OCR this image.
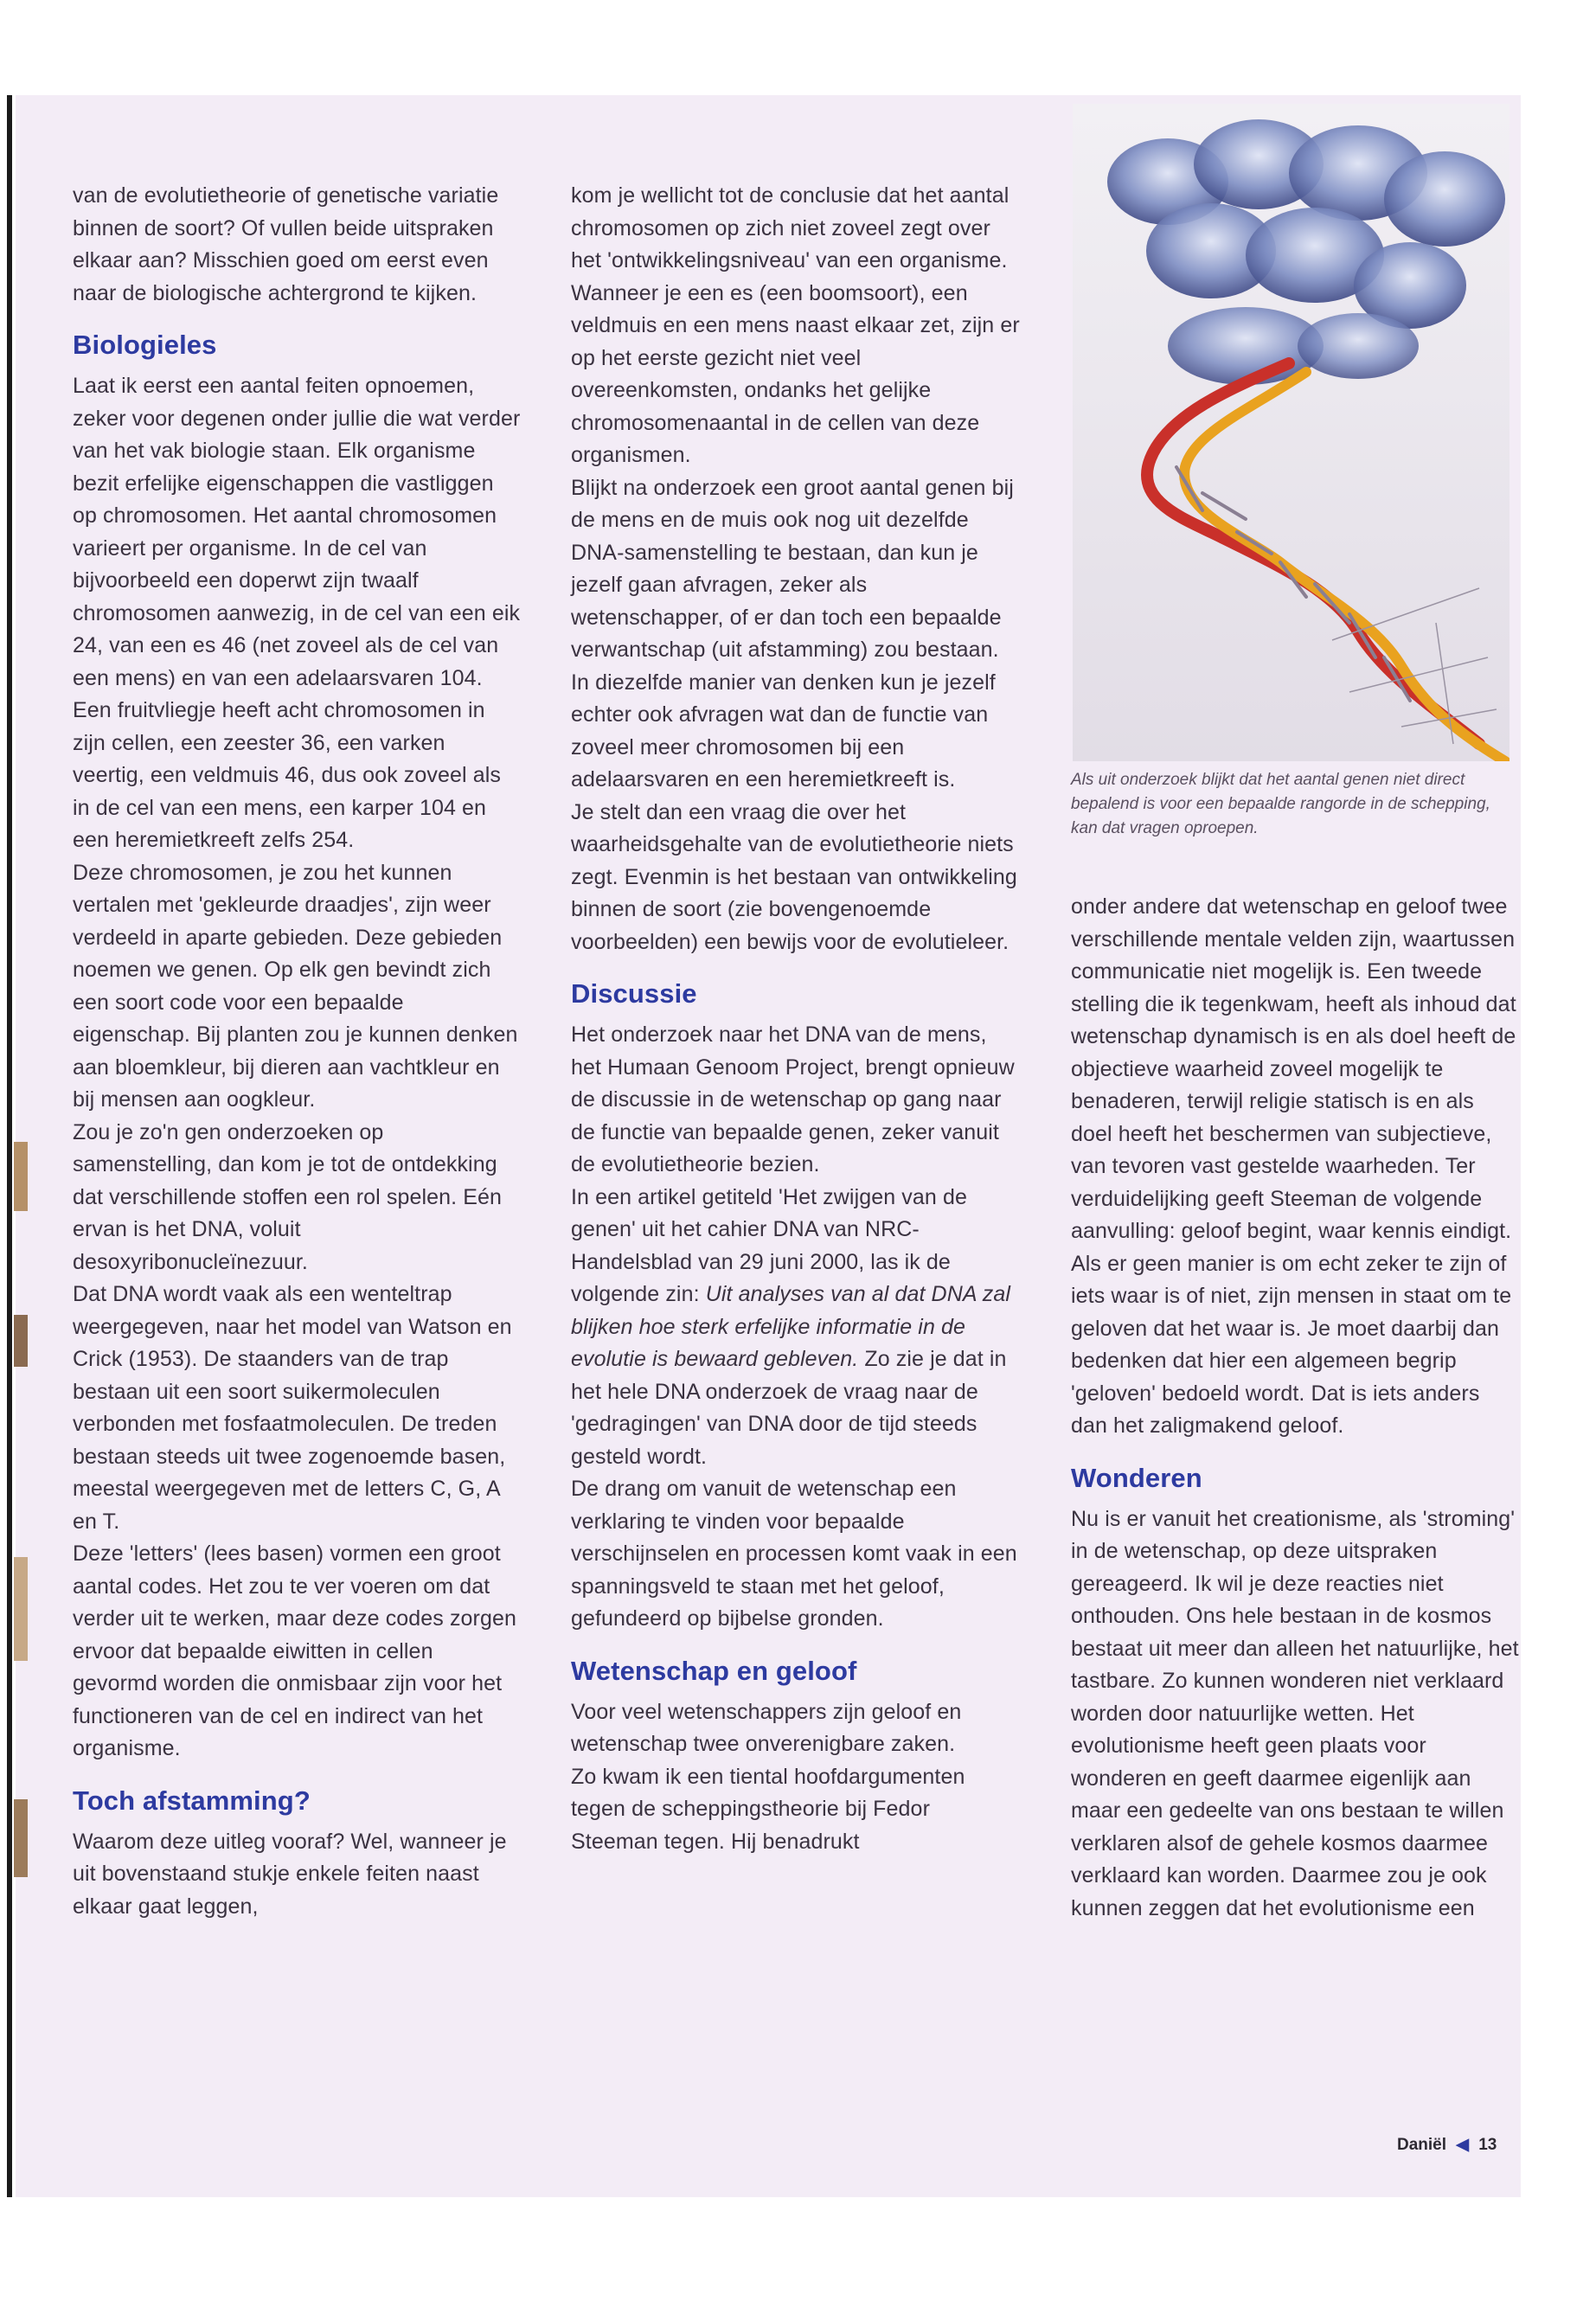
van de evolutietheorie of genetische variatie binnen de soort? Of vullen beide uitspraken elkaar aan? Misschien goed om eerst even naar de biologische achtergrond te kijken.

Biologieles

Laat ik eerst een aantal feiten opnoemen, zeker voor degenen onder jullie die wat verder van het vak biologie staan. Elk organisme bezit erfelijke eigenschappen die vastliggen op chromosomen. Het aantal chromosomen varieert per organisme. In de cel van bijvoorbeeld een doperwt zijn twaalf chromosomen aanwezig, in de cel van een eik 24, van een es 46 (net zoveel als de cel van een mens) en van een adelaarsvaren 104. Een fruitvliegje heeft acht chromosomen in zijn cellen, een zeester 36, een varken veertig, een veldmuis 46, dus ook zoveel als in de cel van een mens, een karper 104 en een heremietkreeft zelfs 254.

Deze chromosomen, je zou het kunnen vertalen met 'gekleurde draadjes', zijn weer verdeeld in aparte gebieden. Deze gebieden noemen we genen. Op elk gen bevindt zich een soort code voor een bepaalde eigenschap. Bij planten zou je kunnen denken aan bloemkleur, bij dieren aan vachtkleur en bij mensen aan oogkleur.

Zou je zo'n gen onderzoeken op samenstelling, dan kom je tot de ontdekking dat verschillende stoffen een rol spelen. Eén ervan is het DNA, voluit desoxyribonucleïnezuur.

Dat DNA wordt vaak als een wenteltrap weergegeven, naar het model van Watson en Crick (1953). De staanders van de trap bestaan uit een soort suikermoleculen verbonden met fosfaatmoleculen. De treden bestaan steeds uit twee zogenoemde basen, meestal weergegeven met de letters C, G, A en T.

Deze 'letters' (lees basen) vormen een groot aantal codes. Het zou te ver voeren om dat verder uit te werken, maar deze codes zorgen ervoor dat bepaalde eiwitten in cellen gevormd worden die onmisbaar zijn voor het functioneren van de cel en indirect van het organisme.

Toch afstamming?

Waarom deze uitleg vooraf? Wel, wanneer je uit bovenstaand stukje enkele feiten naast elkaar gaat leggen,

kom je wellicht tot de conclusie dat het aantal chromosomen op zich niet zoveel zegt over het 'ontwikkelingsniveau' van een organisme. Wanneer je een es (een boomsoort), een veldmuis en een mens naast elkaar zet, zijn er op het eerste gezicht niet veel overeenkomsten, ondanks het gelijke chromosomenaantal in de cellen van deze organismen.

Blijkt na onderzoek een groot aantal genen bij de mens en de muis ook nog uit dezelfde DNA-samenstelling te bestaan, dan kun je jezelf gaan afvragen, zeker als wetenschapper, of er dan toch een bepaalde verwantschap (uit afstamming) zou bestaan. In diezelfde manier van denken kun je jezelf echter ook afvragen wat dan de functie van zoveel meer chromosomen bij een adelaarsvaren en een heremietkreeft is.

Je stelt dan een vraag die over het waarheidsgehalte van de evolutietheorie niets zegt. Evenmin is het bestaan van ontwikkeling binnen de soort (zie bovengenoemde voorbeelden) een bewijs voor de evolutieleer.

Discussie

Het onderzoek naar het DNA van de mens, het Humaan Genoom Project, brengt opnieuw de discussie in de wetenschap op gang naar de functie van bepaalde genen, zeker vanuit de evolutietheorie bezien.

In een artikel getiteld 'Het zwijgen van de genen' uit het cahier DNA van NRC-Handelsblad van 29 juni 2000, las ik de volgende zin: Uit analyses van al dat DNA zal blijken hoe sterk erfelijke informatie in de evolutie is bewaard gebleven. Zo zie je dat in het hele DNA onderzoek de vraag naar de 'gedragingen' van DNA door de tijd steeds gesteld wordt.

De drang om vanuit de wetenschap een verklaring te vinden voor bepaalde verschijnselen en processen komt vaak in een spanningsveld te staan met het geloof, gefundeerd op bijbelse gronden.

Wetenschap en geloof

Voor veel wetenschappers zijn geloof en wetenschap twee onverenigbare zaken.

Zo kwam ik een tiental hoofdargumenten tegen de scheppingstheorie bij Fedor Steeman tegen. Hij benadrukt

Als uit onderzoek blijkt dat het aantal genen niet direct bepalend is voor een bepaalde rangorde in de schepping, kan dat vragen oproepen.

onder andere dat wetenschap en geloof twee verschillende mentale velden zijn, waartussen communicatie niet mogelijk is. Een tweede stelling die ik tegenkwam, heeft als inhoud dat wetenschap dynamisch is en als doel heeft de objectieve waarheid zoveel mogelijk te benaderen, terwijl religie statisch is en als doel heeft het beschermen van subjectieve, van tevoren vast gestelde waarheden. Ter verduidelijking geeft Steeman de volgende aanvulling: geloof begint, waar kennis eindigt. Als er geen manier is om echt zeker te zijn of iets waar is of niet, zijn mensen in staat om te geloven dat het waar is. Je moet daarbij dan bedenken dat hier een algemeen begrip 'geloven' bedoeld wordt. Dat is iets anders dan het zaligmakend geloof.

Wonderen

Nu is er vanuit het creationisme, als 'stroming' in de wetenschap, op deze uitspraken gereageerd. Ik wil je deze reacties niet onthouden. Ons hele bestaan in de kosmos bestaat uit meer dan alleen het natuurlijke, het tastbare. Zo kunnen wonderen niet verklaard worden door natuurlijke wetten. Het evolutionisme heeft geen plaats voor wonderen en geeft daarmee eigenlijk aan maar een gedeelte van ons bestaan te willen verklaren alsof de gehele kosmos daarmee verklaard kan worden. Daarmee zou je ook kunnen zeggen dat het evolutionisme een

Daniël ◀ 13
